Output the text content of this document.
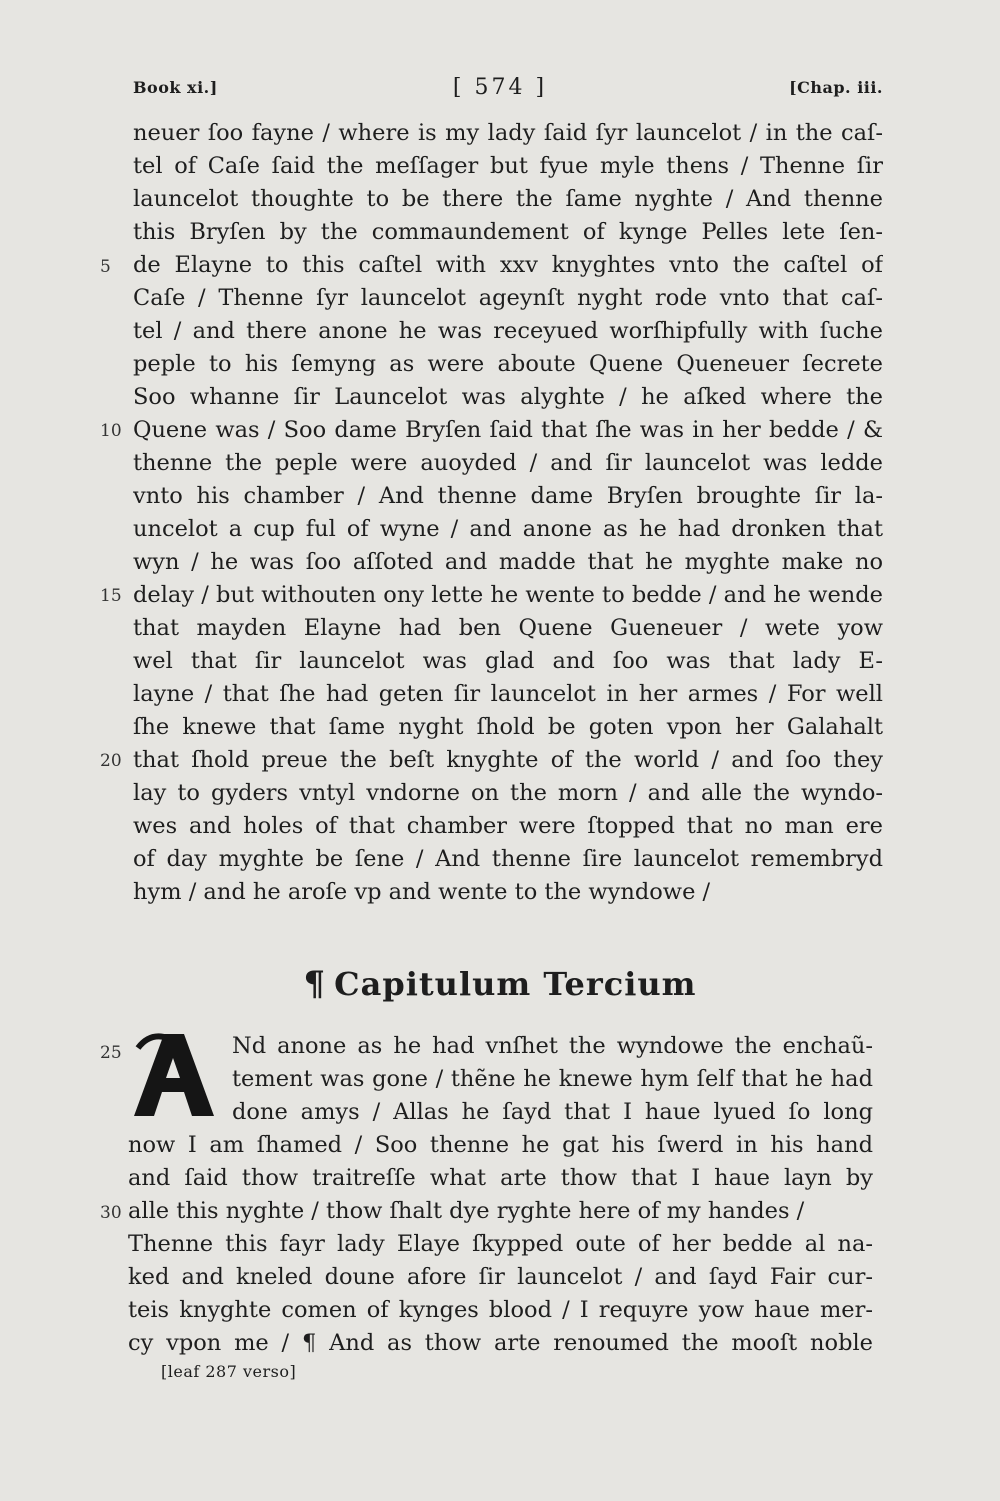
Book xi.]	[ 574 ]	[Chap. iii.
neuer ſoo fayne / where is my lady ſaid ſyr launcelot / in the caſ-
tel of Caſe ſaid the meſſager but fyue myle thens / Thenne ſir
launcelot thoughte to be there the ſame nyghte / And thenne
this Bryſen by the commaundement of kynge Pelles lete ſen-
5 de Elayne to this caſtel with xxv knyghtes vnto the caſtel of
Caſe / Thenne ſyr launcelot ageynſt nyght rode vnto that caſ-
tel / and there anone he was receyued worſhipfully with ſuche
peple to his ſemyng as were aboute Quene Queneuer ſecrete
Soo whanne ſir Launcelot was alyghte / he aſked where the
10 Quene was / Soo dame Bryſen ſaid that ſhe was in her bedde / &
thenne the peple were auoyded / and ſir launcelot was ledde
vnto his chamber / And thenne dame Bryſen broughte ſir la-
uncelot a cup ful of wyne / and anone as he had dronken that
wyn / he was ſoo aſſoted and madde that he myghte make no
15 delay / but withouten ony lette he wente to bedde / and he wende
that mayden Elayne had ben Quene Gueneuer / wete yow
wel that ſir launcelot was glad and ſoo was that lady E-
layne / that ſhe had geten ſir launcelot in her armes / For well
ſhe knewe that ſame nyght ſhold be goten vpon her Galahalt
20 that ſhold preue the beſt knyghte of the world / and ſoo they
lay to gyders vntyl vndorne on the morn / and alle the wyndo-
wes and holes of that chamber were ſtopped that no man ere
of day myghte be ſene / And thenne ſire launcelot remembryd
hym / and he aroſe vp and wente to the wyndowe /
¶ Capitulum Tercium
25	Nd anone as he had vnſhet the wyndowe the enchaũ-
tement was gone / thẽne he knewe hym ſelf that he had
done amys / Allas he ſayd that I haue lyued ſo long
now I am ſhamed / Soo thenne he gat his ſwerd in his hand
and ſaid thow traitreſſe what arte thow that I haue layn by
30 alle this nyghte / thow ſhalt dye ryghte here of my handes /
Thenne this fayr lady Elaye ſkypped oute of her bedde al na-
ked and kneled doune afore ſir launcelot / and ſayd Fair cur-
teis knyghte comen of kynges blood / I requyre yow haue mer-
cy vpon me / ¶ And as thow arte renoumed the mooſt noble
[leaf 287 verso]
